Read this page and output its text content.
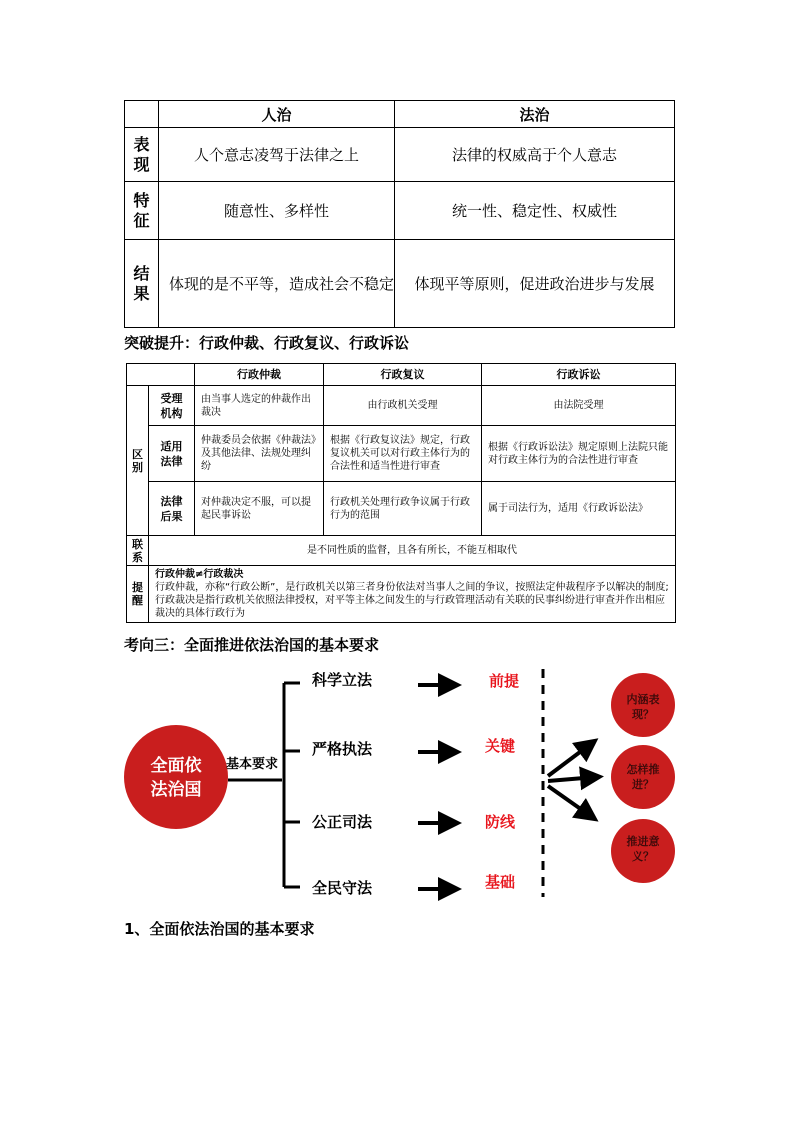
	人治	法治
表现	人个意志凌驾于法律之上	法律的权威高于个人意志
特征	随意性、多样性	统一性、稳定性、权威性
结果	体现的是不平等，造成社会不稳定	体现平等原则，促进政治进步与发展
突破提升：行政仲裁、行政复议、行政诉讼
		行政仲裁	行政复议	行政诉讼
区别	受理机构	由当事人选定的仲裁作出裁决	由行政机关受理	由法院受理
	适用法律	仲裁委员会依据《仲裁法》及其他法律、法规处理纠纷	根据《行政复议法》规定，行政复议机关可以对行政主体行为的合法性和适当性进行审查	根据《行政诉讼法》规定原则上法院只能对行政主体行为的合法性进行审查
	法律后果	对仲裁决定不服，可以提起民事诉讼	行政机关处理行政争议属于行政行为的范围	属于司法行为，适用《行政诉讼法》
联系	是不同性质的监督，且各有所长，不能互相取代			
提醒	行政仲裁≠行政裁决
行政仲裁，亦称“行政公断”，是行政机关以第三者身份依法对当事人之间的争议，按照法定仲裁程序予以解决的制度;行政裁决是指行政机关依照法律授权，对平等主体之间发生的与行政管理活动有关联的民事纠纷进行审查并作出相应裁决的具体行政行为			
考向三：全面推进依法治国的基本要求
全面依
法治国
基本要求
科学立法
严格执法
公正司法
全民守法
前提
关键
防线
基础
内涵表
现？
怎样推
进？
推进意
义？
1、全面依法治国的基本要求
